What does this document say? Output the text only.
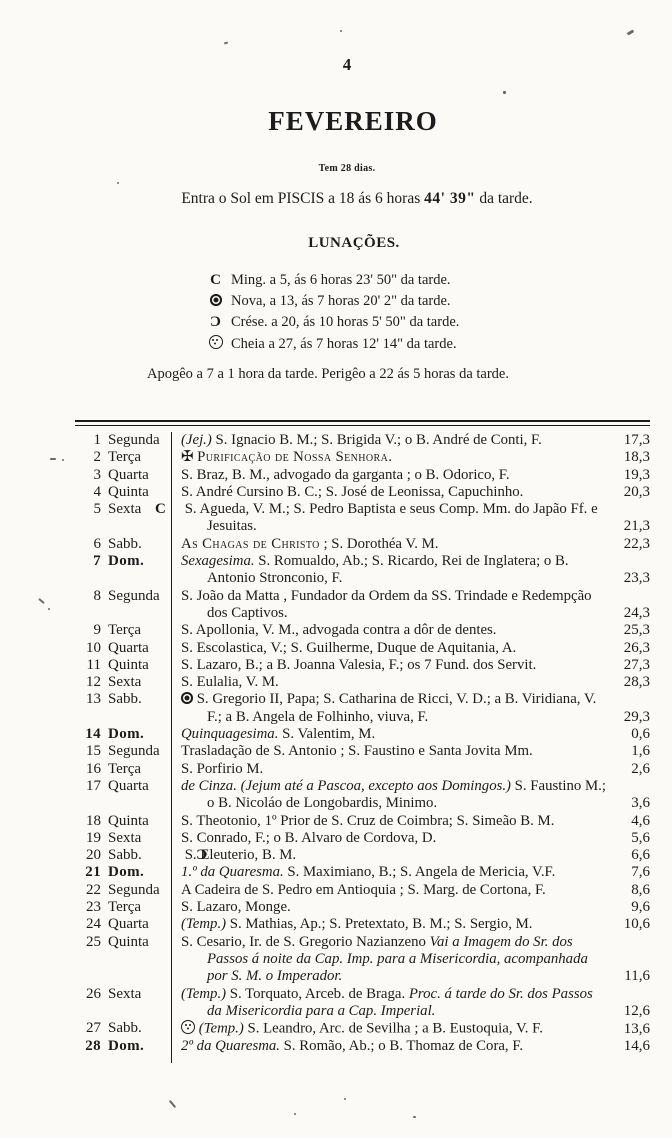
4
FEVEREIRO
Tem 28 dias.
Entra o Sol em PISCIS a 18 ás 6 horas 44' 39" da tarde.
LUNAÇÕES.
C
Ming. a 5, ás 6 horas 23' 50" da tarde.
Nova, a 13, ás 7 horas 20' 2" da tarde.
C
Crése. a 20, ás 10 horas 5' 50" da tarde.
Cheia a 27, ás 7 horas 12' 14" da tarde.
Apogêo a 7 a 1 hora da tarde. Perigêo a 22 ás 5 horas da tarde.
1 Segunda	(Jej.) S. Ignacio B. M.; S. Brigida V.; o B. André de Conti, F.	17,3
2 Terça	✠ Purificação de Nossa Senhora.	18,3
3 Quarta	S. Braz, B. M., advogado da garganta ; o B. Odorico, F.	19,3
4 Quinta	S. André Cursino B. C.; S. José de Leonissa, Capuchinho.	20,3
5 Sexta	S. Agueda, V. M.; S. Pedro Baptista e seus Comp. Mm. do Japão Ff. e Jesuitas.	21,3
6 Sabb.	As Chagas de Christo ; S. Dorothéa V. M.	22,3
7 Dom.	Sexagesima. S. Romualdo, Ab.; S. Ricardo, Rei de Inglatera; o B. Antonio Stronconio, F.	23,3
8 Segunda	S. João da Matta , Fundador da Ordem da SS. Trindade e Redempção dos Captivos.	24,3
9 Terça	S. Apollonia, V. M., advogada contra a dôr de dentes.	25,3
10 Quarta	S. Escolastica, V.; S. Guilherme, Duque de Aquitania, A.	26,3
11 Quinta	S. Lazaro, B.; a B. Joanna Valesia, F.; os 7 Fund. dos Servit.	27,3
12 Sexta	S. Eulalia, V. M.	28,3
13 Sabb.	S. Gregorio II, Papa; S. Catharina de Ricci, V. D.; a B. Viridiana, V. F.; a B. Angela de Folhinho, viuva, F.	29,3
14 Dom.	Quinquagesima. S. Valentim, M.	0,6
15 Segunda	Trasladação de S. Antonio ; S. Faustino e Santa Jovita Mm.	1,6
16 Terça	S. Porfirio M.	2,6
17 Quarta	de Cinza. (Jejum até a Pascoa, excepto aos Domingos.) S. Faustino M.; o B. Nicoláo de Longobardis, Minimo.	3,6
18 Quinta	S. Theotonio, 1º Prior de S. Cruz de Coimbra; S. Simeão B. M.	4,6
19 Sexta	S. Conrado, F.; o B. Alvaro de Cordova, D.	5,6
20 Sabb.	S. Eleuterio, B. M.	6,6
21 Dom.	1.º da Quaresma. S. Maximiano, B.; S. Angela de Mericia, V.F.	7,6
22 Segunda	A Cadeira de S. Pedro em Antioquia ; S. Marg. de Cortona, F.	8,6
23 Terça	S. Lazaro, Monge.	9,6
24 Quarta	(Temp.) S. Mathias, Ap.; S. Pretextato, B. M.; S. Sergio, M.	10,6
25 Quinta	S. Cesario, Ir. de S. Gregorio Nazianzeno Vai a Imagem do Sr. dos Passos á noite da Cap. Imp. para a Misericordia, acompanhada por S. M. o Imperador.	11,6
26 Sexta	(Temp.) S. Torquato, Arceb. de Braga. Proc. á tarde do Sr. dos Passos da Misericordia para a Cap. Imperial.	12,6
27 Sabb.	(Temp.) S. Leandro, Arc. de Sevilha ; a B. Eustoquia, V. F.	13,6
28 Dom.	2º da Quaresma. S. Romão, Ab.; o B. Thomaz de Cora, F.	14,6
